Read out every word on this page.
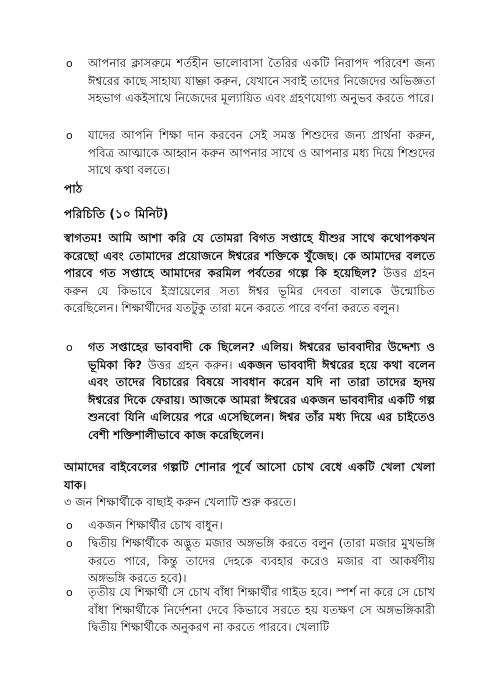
o	আপনার ক্লাসরুমে শর্তহীন ভালোবাসা তৈরির একটি নিরাপদ পরিবেশ জন্য ঈশ্বরের কাছে সাহায্য যাচ্ঞা করুন, যেখানে সবাই তাদের নিজেদের অভিজ্ঞতা সহভাগ একইসাথে নিজেদের মূল্যায়িত এবং গ্রহণযোগ্য অনুভব করতে পারে।
o	যাদের আপনি শিক্ষা দান করবেন সেই সমস্ত শিশুদের জন্য প্রার্থনা করুন, পবিত্র আত্মাকে আহ্বান করুন আপনার সাথে ও আপনার মধ্য দিয়ে শিশুদের সাথে কথা বলতে।
পাঠ
পরিচিতি (১০ মিনিট)
স্বাগতম! আমি আশা করি যে তোমরা বিগত সপ্তাহে যীশুর সাথে কথোপকথন করেছো এবং তোমাদের প্রয়োজনে ঈশ্বরের শক্তিকে খুঁজেছ। কে আমাদের বলতে পারবে গত সপ্তাহে আমাদের করমিল পর্বতের গল্পে কি হয়েছিল? উত্তর গ্রহন করুন যে কিভাবে ইস্রায়েলের সত্য ঈশ্বর ভূমির দেবতা বালকে উন্মোচিত করেছিলেন। শিক্ষার্থীদের যতটুকু তারা মনে করতে পারে বর্ণনা করতে বলুন।
o	গত সপ্তাহের ভাববাদী কে ছিলেন? এলিয়। ঈশ্বরের ভাববাদীর উদ্দেশ্য ও ভূমিকা কি? উত্তর গ্রহন করুন। একজন ভাববাদী ঈশ্বরের হয়ে কথা বলেন এবং তাদের বিচারের বিষয়ে সাবধান করেন যদি না তারা তাদের হৃদয় ঈশ্বরের দিকে ফেরায়। আজকে আমরা ঈশ্বরের একজন ভাববাদীর একটি গল্প শুনবো যিনি এলিয়ের পরে এসেছিলেন। ঈশ্বর তাঁর মধ্য দিয়ে এর চাইতেও বেশী শক্তিশালীভাবে কাজ করেছিলেন।
আমাদের বাইবেলের গল্পটি শোনার পূর্বে আসো চোখ বেধে একটি খেলা খেলা যাক।
৩ জন শিক্ষার্থীকে বাছাই করুন খেলাটি শুরু করতে।
o	একজন শিক্ষার্থীর চোখ বাধুন।
o	দ্বিতীয় শিক্ষার্থীকে অদ্ভুত মজার অঙ্গভঙ্গি করতে বলুন (তারা মজার মুখভঙ্গি করতে পারে, কিন্তু তাদের দেহকে ব্যবহার করেও মজার বা আকর্ষণীয় অঙ্গভঙ্গি করতে হবে)।
o	তৃতীয় যে শিক্ষার্থী সে চোখ বাঁধা শিক্ষার্থীর গাইড হবে। স্পর্শ না করে সে চোখ বাঁধা শিক্ষার্থীকে নির্দেশনা দেবে কিভাবে সরতে হয় যতক্ষণ সে অঙ্গভঙ্গিকারী দ্বিতীয় শিক্ষার্থীকে অনুকরণ না করতে পারবে। খেলাটি
